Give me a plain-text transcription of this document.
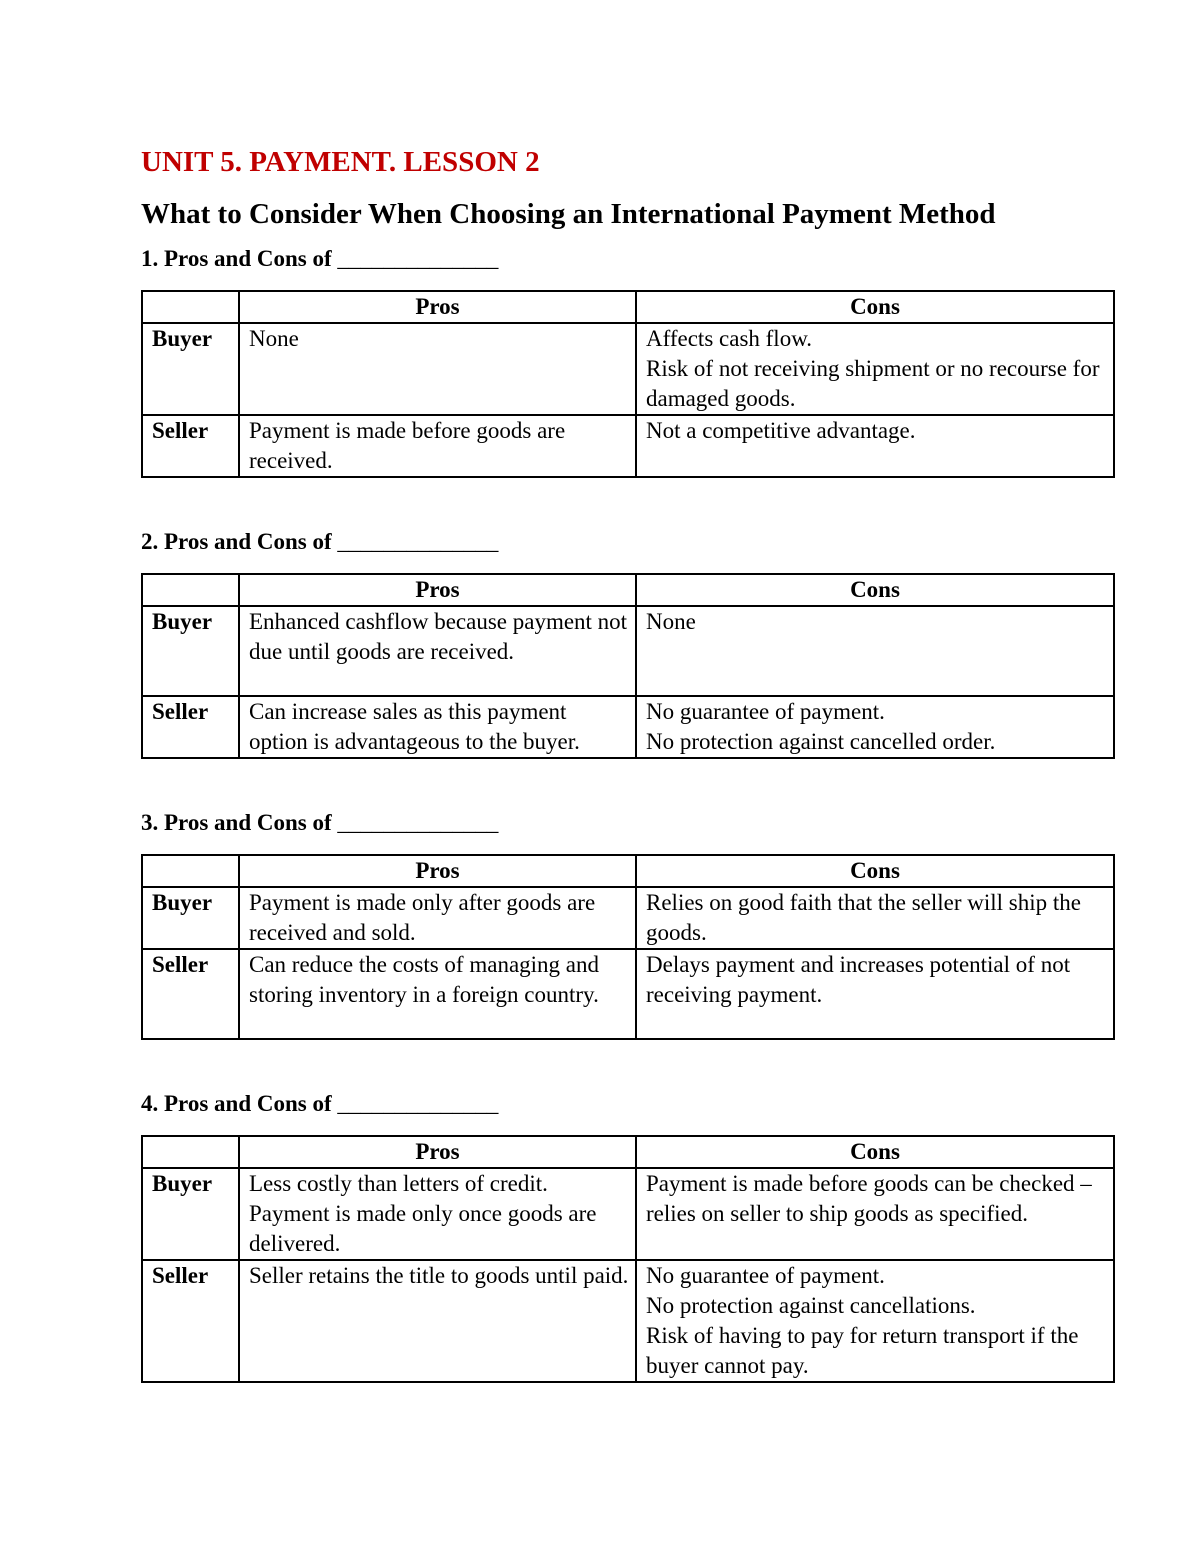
UNIT 5. PAYMENT. LESSON 2
What to Consider When Choosing an International Payment Method
1. Pros and Cons of ______________
	Pros	Cons
Buyer	None	Affects cash flow.
Risk of not receiving shipment or no recourse for damaged goods.

Seller	Payment is made before goods are received.	Not a competitive advantage.
2. Pros and Cons of ______________
	Pros	Cons
Buyer	Enhanced cashflow because payment not due until goods are received.	None

Seller	Can increase sales as this payment option is advantageous to the buyer.	No guarantee of payment.
No protection against cancelled order.
3. Pros and Cons of ______________
	Pros	Cons
Buyer	Payment is made only after goods are received and sold.	Relies on good faith that the seller will ship the goods.

Seller	Can reduce the costs of managing and storing inventory in a foreign country.	Delays payment and increases potential of not receiving payment.
4. Pros and Cons of ______________
	Pros	Cons
Buyer	Less costly than letters of credit.
Payment is made only once goods are delivered.	Payment is made before goods can be checked – relies on seller to ship goods as specified.

Seller	Seller retains the title to goods until paid.	No guarantee of payment.
No protection against cancellations.
Risk of having to pay for return transport if the buyer cannot pay.
